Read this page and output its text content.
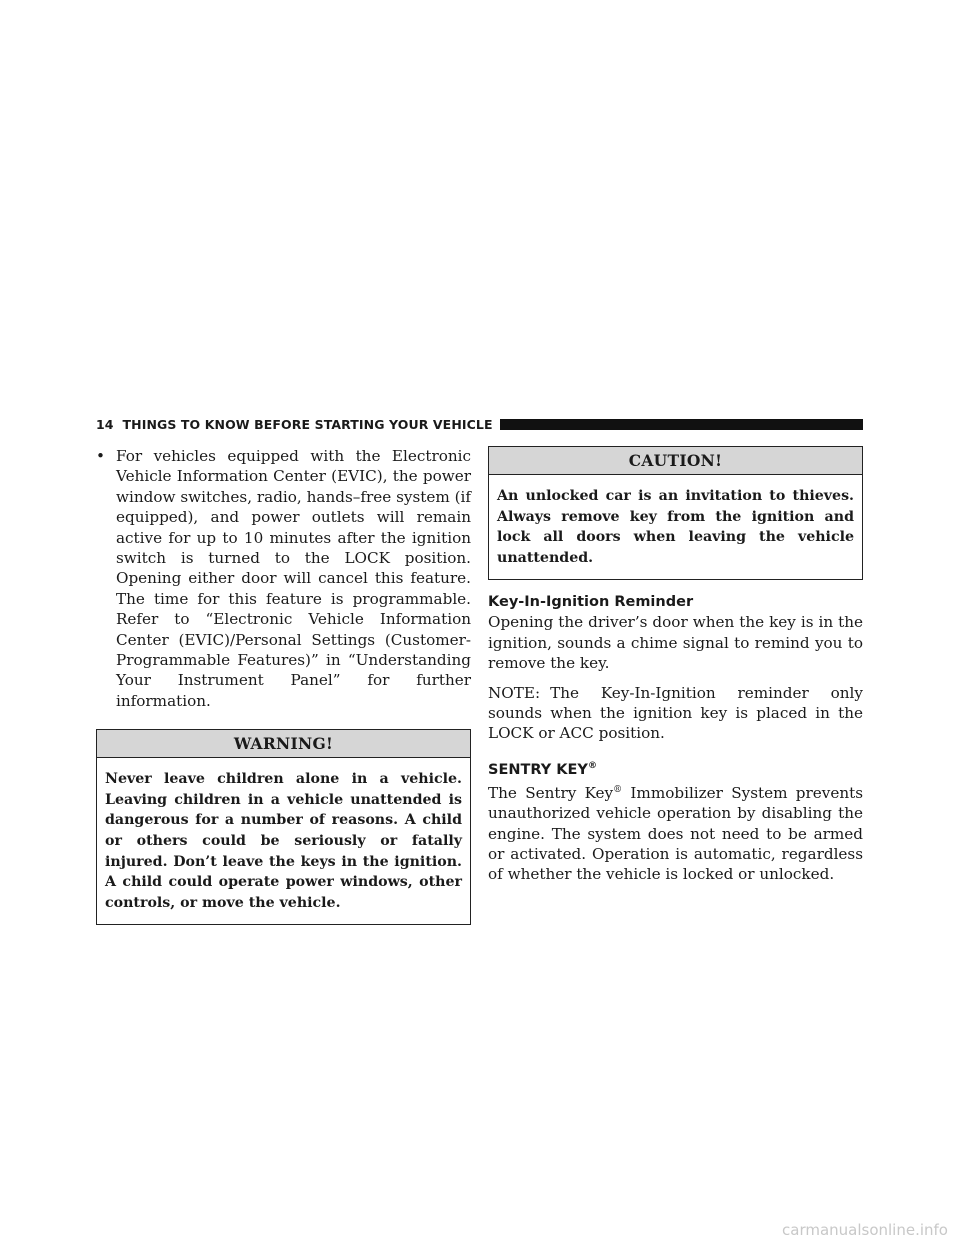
14 THINGS TO KNOW BEFORE STARTING YOUR VEHICLE
• For vehicles equipped with the Electronic Vehicle Information Center (EVIC), the power window switches, radio, hands–free system (if equipped), and power outlets will remain active for up to 10 minutes after the ignition switch is turned to the LOCK position. Opening either door will cancel this feature. The time for this feature is programmable. Refer to “Electronic Vehicle Information Center (EVIC)/Personal Settings (Customer-Programmable Features)” in “Understanding Your Instrument Panel” for further information.
WARNING!
Never leave children alone in a vehicle. Leaving children in a vehicle unattended is dangerous for a number of reasons. A child or others could be seriously or fatally injured. Don’t leave the keys in the ignition. A child could operate power windows, other controls, or move the vehicle.
CAUTION!
An unlocked car is an invitation to thieves. Always remove key from the ignition and lock all doors when leaving the vehicle unattended.
Key-In-Ignition Reminder

Opening the driver’s door when the key is in the ignition, sounds a chime signal to remind you to remove the key.

NOTE: The Key-In-Ignition reminder only sounds when the ignition key is placed in the LOCK or ACC position.

SENTRY KEY®

The Sentry Key® Immobilizer System prevents unauthorized vehicle operation by disabling the engine. The system does not need to be armed or activated. Operation is automatic, regardless of whether the vehicle is locked or unlocked.

carmanualsonline.info
